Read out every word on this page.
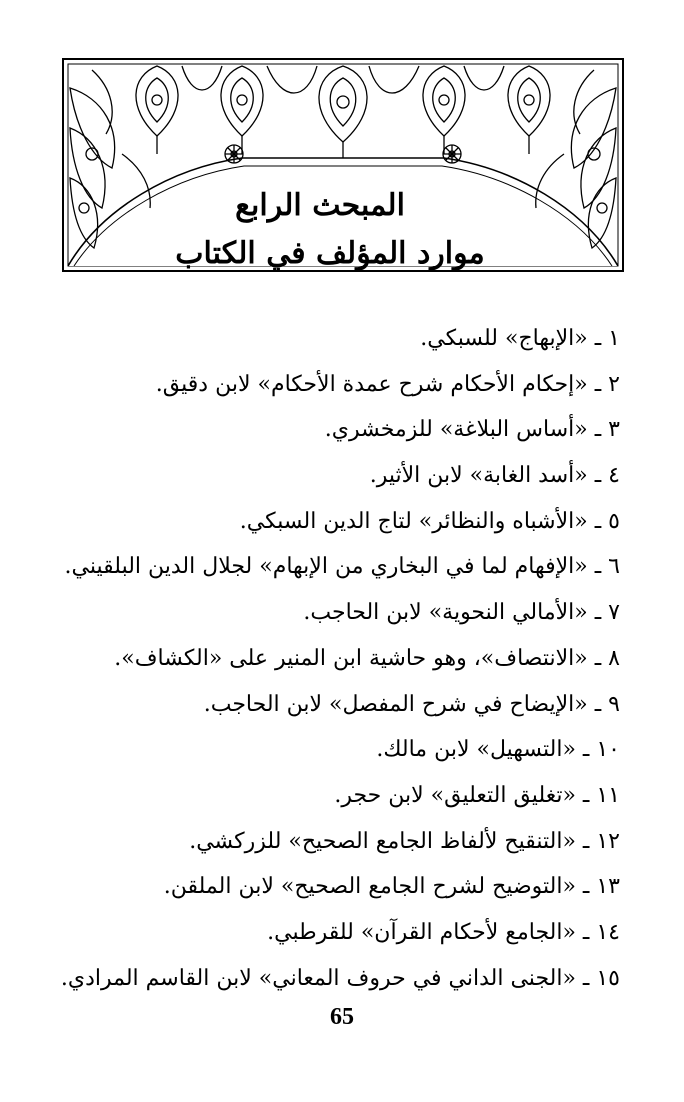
المبحث الرابع
موارد المؤلف في الكتاب
١ ـ «الإبهاج» للسبكي.
٢ ـ «إحكام الأحكام شرح عمدة الأحكام» لابن دقيق.
٣ ـ «أساس البلاغة» للزمخشري.
٤ ـ «أسد الغابة» لابن الأثير.
٥ ـ «الأشباه والنظائر» لتاج الدين السبكي.
٦ ـ «الإفهام لما في البخاري من الإبهام» لجلال الدين البلقيني.
٧ ـ «الأمالي النحوية» لابن الحاجب.
٨ ـ «الانتصاف»، وهو حاشية ابن المنير على «الكشاف».
٩ ـ «الإيضاح في شرح المفصل» لابن الحاجب.
١٠ ـ «التسهيل» لابن مالك.
١١ ـ «تغليق التعليق» لابن حجر.
١٢ ـ «التنقيح لألفاظ الجامع الصحيح» للزركشي.
١٣ ـ «التوضيح لشرح الجامع الصحيح» لابن الملقن.
١٤ ـ «الجامع لأحكام القرآن» للقرطبي.
١٥ ـ «الجنى الداني في حروف المعاني» لابن القاسم المرادي.
65
